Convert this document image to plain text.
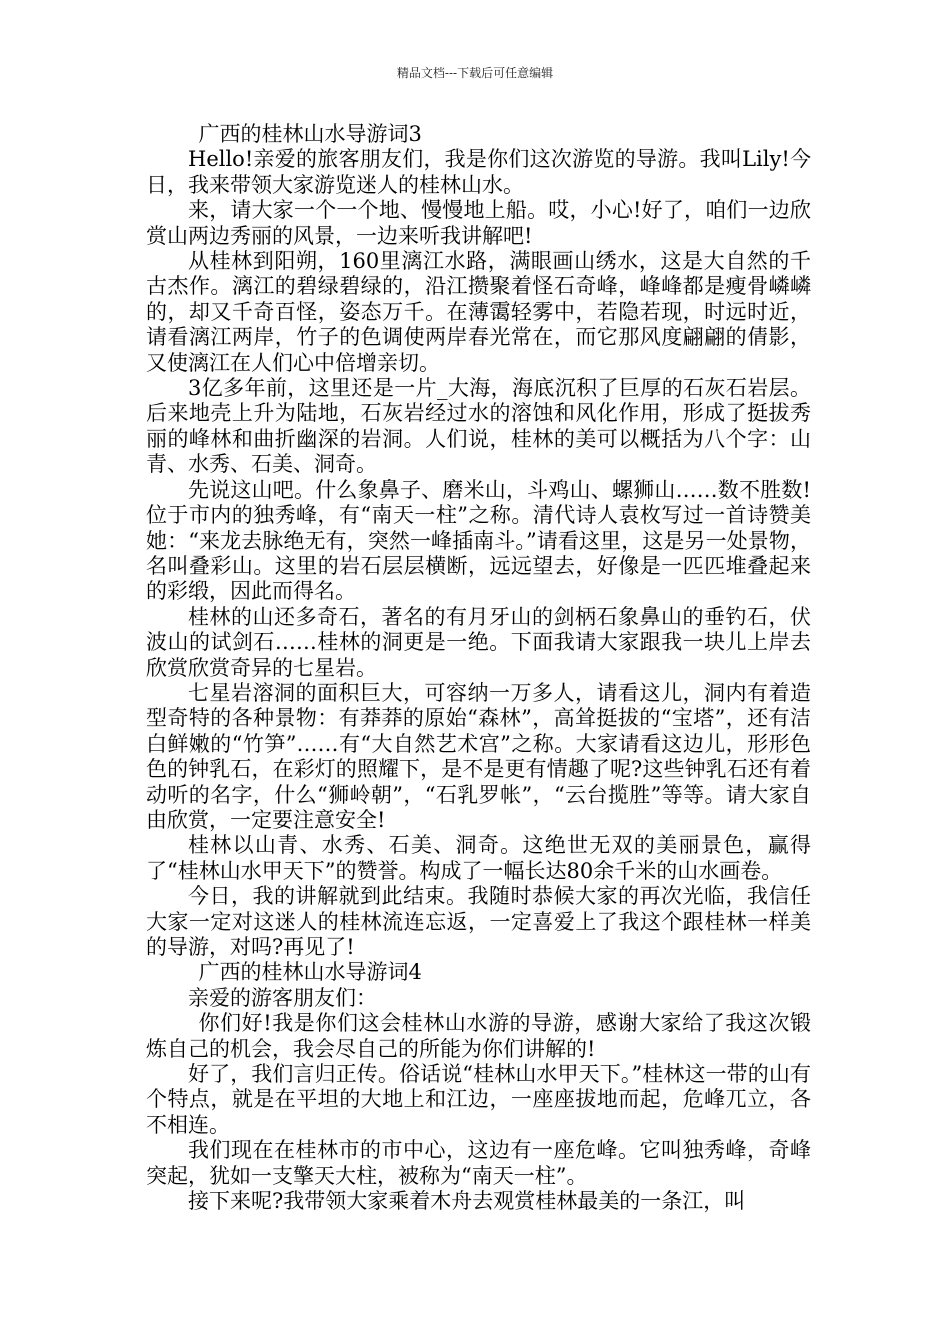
精品文档---下载后可任意编辑

广西的桂林山水导游词3

Hello!亲爱的旅客朋友们，我是你们这次游览的导游。我叫Lily!今日，我来带领大家游览迷人的桂林山水。

来，请大家一个一个地、慢慢地上船。哎，小心!好了，咱们一边欣赏山两边秀丽的风景，一边来听我讲解吧!

从桂林到阳朔，160里漓江水路，满眼画山绣水，这是大自然的千古杰作。漓江的碧绿碧绿的，沿江攒聚着怪石奇峰，峰峰都是瘦骨嶙嶙的，却又千奇百怪，姿态万千。在薄霭轻雾中，若隐若现，时远时近，请看漓江两岸，竹子的色调使两岸春光常在，而它那风度翩翩的倩影，又使漓江在人们心中倍增亲切。

3亿多年前，这里还是一片_大海，海底沉积了巨厚的石灰石岩层。后来地壳上升为陆地，石灰岩经过水的溶蚀和风化作用，形成了挺拔秀丽的峰林和曲折幽深的岩洞。人们说，桂林的美可以概括为八个字：山青、水秀、石美、洞奇。

先说这山吧。什么象鼻子、磨米山，斗鸡山、螺狮山……数不胜数!位于市内的独秀峰，有“南天一柱”之称。清代诗人袁枚写过一首诗赞美她：“来龙去脉绝无有，突然一峰插南斗。”请看这里，这是另一处景物，名叫叠彩山。这里的岩石层层横断，远远望去，好像是一匹匹堆叠起来的彩缎，因此而得名。

桂林的山还多奇石，著名的有月牙山的剑柄石象鼻山的垂钓石，伏波山的试剑石……桂林的洞更是一绝。下面我请大家跟我一块儿上岸去欣赏欣赏奇异的七星岩。

七星岩溶洞的面积巨大，可容纳一万多人，请看这儿，洞内有着造型奇特的各种景物：有莽莽的原始“森林”，高耸挺拔的“宝塔”，还有洁白鲜嫩的“竹笋”……有“大自然艺术宫”之称。大家请看这边儿，形形色色的钟乳石，在彩灯的照耀下，是不是更有情趣了呢?这些钟乳石还有着动听的名字，什么“狮岭朝”，“石乳罗帐”，“云台揽胜”等等。请大家自由欣赏，一定要注意安全!

桂林以山青、水秀、石美、洞奇。这绝世无双的美丽景色，赢得了“桂林山水甲天下”的赞誉。构成了一幅长达80余千米的山水画卷。

今日，我的讲解就到此结束。我随时恭候大家的再次光临，我信任大家一定对这迷人的桂林流连忘返，一定喜爱上了我这个跟桂林一样美的导游，对吗?再见了!

广西的桂林山水导游词4

亲爱的游客朋友们：

你们好!我是你们这会桂林山水游的导游，感谢大家给了我这次锻炼自己的机会，我会尽自己的所能为你们讲解的!

好了，我们言归正传。俗话说“桂林山水甲天下。”桂林这一带的山有个特点，就是在平坦的大地上和江边，一座座拔地而起，危峰兀立，各不相连。

我们现在在桂林市的市中心，这边有一座危峰。它叫独秀峰，奇峰突起，犹如一支擎天大柱，被称为“南天一柱”。

接下来呢?我带领大家乘着木舟去观赏桂林最美的一条江，叫
